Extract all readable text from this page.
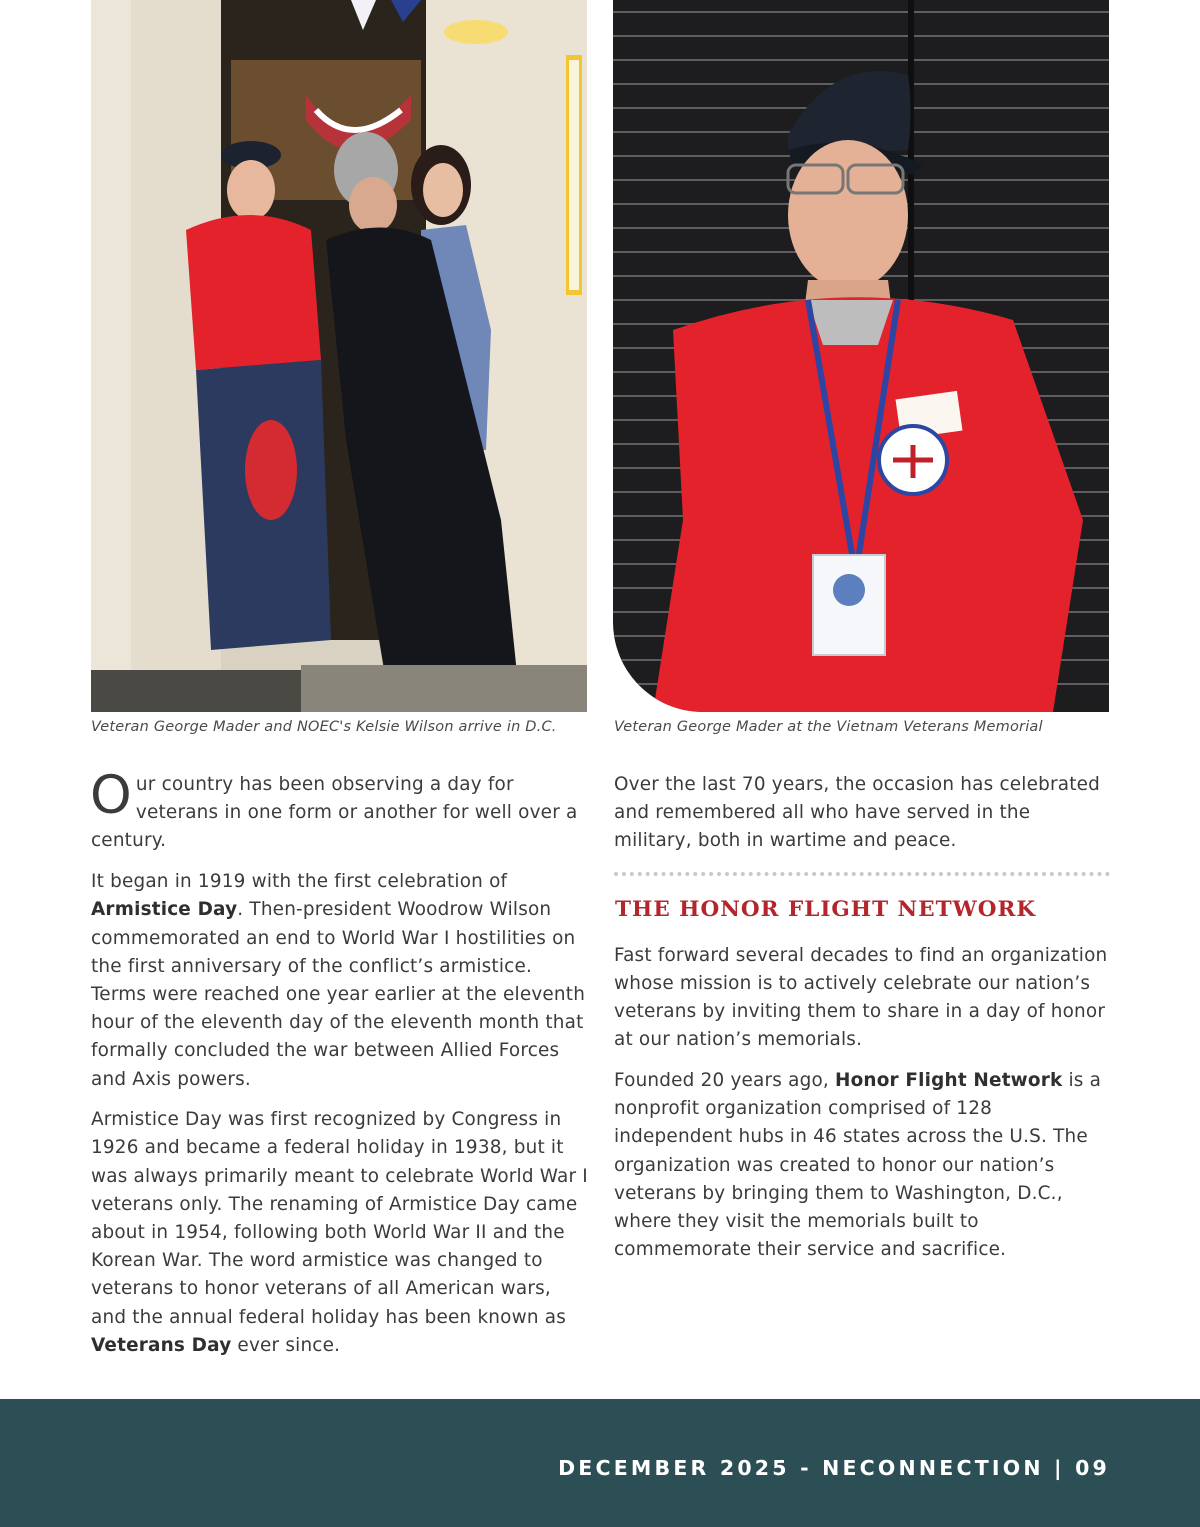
Veteran George Mader and NOEC's Kelsie Wilson arrive in D.C.	Veteran George Mader at the Vietnam Veterans Memorial

Our country has been observing a day for veterans in one form or another for well over a century.

It began in 1919 with the first celebration of Armistice Day. Then-president Woodrow Wilson commemorated an end to World War I hostilities on the first anniversary of the conflict’s armistice. Terms were reached one year earlier at the eleventh hour of the eleventh day of the eleventh month that formally concluded the war between Allied Forces and Axis powers.

Armistice Day was first recognized by Congress in 1926 and became a federal holiday in 1938, but it was always primarily meant to celebrate World War I veterans only. The renaming of Armistice Day came about in 1954, following both World War II and the Korean War. The word armistice was changed to veterans to honor veterans of all American wars, and the annual federal holiday has been known as Veterans Day ever since.

Over the last 70 years, the occasion has celebrated and remembered all who have served in the military, both in wartime and peace.

THE HONOR FLIGHT NETWORK

Fast forward several decades to find an organization whose mission is to actively celebrate our nation’s veterans by inviting them to share in a day of honor at our nation’s memorials.

Founded 20 years ago, Honor Flight Network is a nonprofit organization comprised of 128 independent hubs in 46 states across the U.S. The organization was created to honor our nation’s veterans by bringing them to Washington, D.C., where they visit the memorials built to commemorate their service and sacrifice.

DECEMBER 2025 - NECONNECTION | 09
